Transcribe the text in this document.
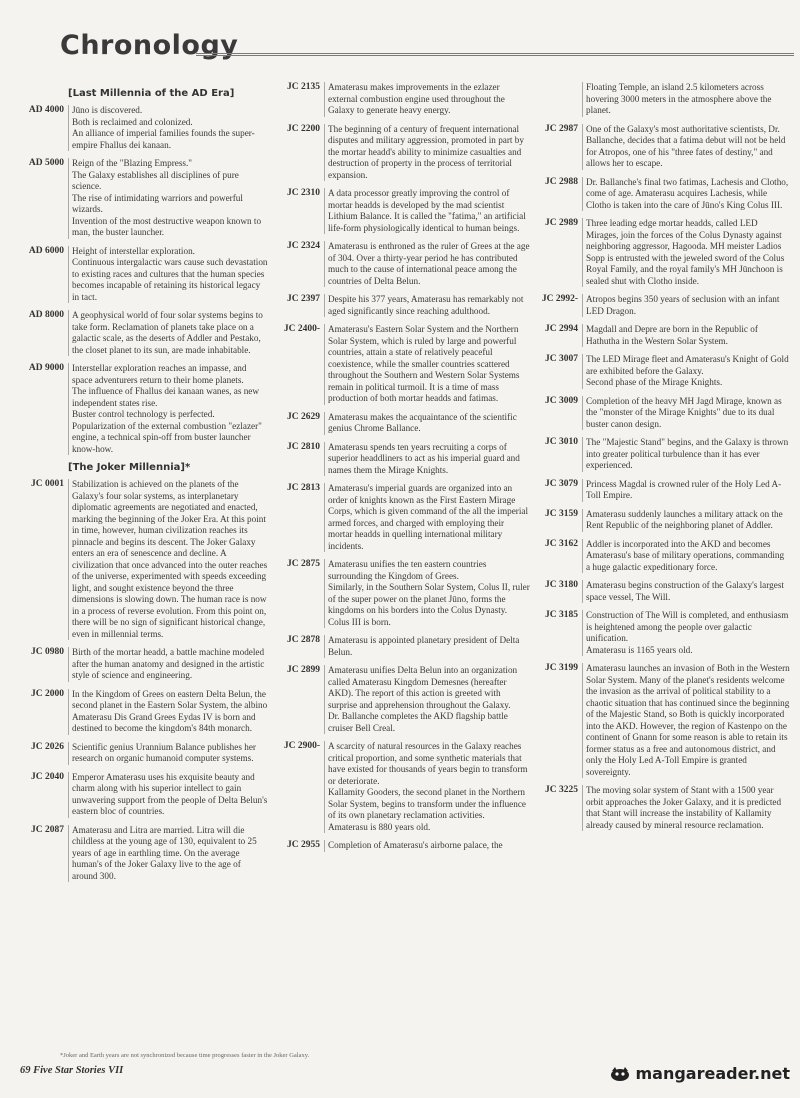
Chronology
[Last Millennia of the AD Era]
AD 4000 Jūno is discovered.

Both is reclaimed and colonized.

An alliance of imperial families founds the super-empire Fhallus dei kanaan.

AD 5000 Reign of the "Blazing Empress."

The Galaxy establishes all disciplines of pure science.

The rise of intimidating warriors and powerful wizards.

Invention of the most destructive weapon known to man, the buster launcher.

AD 6000 Height of interstellar exploration.

Continuous intergalactic wars cause such devastation to existing races and cultures that the human species becomes incapable of retaining its historical legacy in tact.

AD 8000 A geophysical world of four solar systems begins to take form. Reclamation of planets take place on a galactic scale, as the deserts of Addler and Pestako, the closet planet to its sun, are made inhabitable.

AD 9000 Interstellar exploration reaches an impasse, and space adventurers return to their home planets.

The influence of Fhallus dei kanaan wanes, as new independent states rise.

Buster control technology is perfected.

Popularization of the external combustion "ezlazer" engine, a technical spin-off from buster launcher know-how.

[The Joker Millennia]*
JC 0001 Stabilization is achieved on the planets of the Galaxy's four solar systems, as interplanetary diplomatic agreements are negotiated and enacted, marking the beginning of the Joker Era. At this point in time, however, human civilization reaches its pinnacle and begins its descent. The Joker Galaxy enters an era of senescence and decline. A civilization that once advanced into the outer reaches of the universe, experimented with speeds exceeding light, and sought existence beyond the three dimensions is slowing down. The human race is now in a process of reverse evolution. From this point on, there will be no sign of significant historical change, even in millennial terms.

JC 0980 Birth of the mortar headd, a battle machine modeled after the human anatomy and designed in the artistic style of science and engineering.

JC 2000 In the Kingdom of Grees on eastern Delta Belun, the second planet in the Eastern Solar System, the albino Amaterasu Dis Grand Grees Eydas IV is born and destined to become the kingdom's 84th monarch.

JC 2026 Scientific genius Urannium Balance publishes her research on organic humanoid computer systems.

JC 2040 Emperor Amaterasu uses his exquisite beauty and charm along with his superior intellect to gain unwavering support from the people of Delta Belun's eastern bloc of countries.

JC 2087 Amaterasu and Litra are married. Litra will die childless at the young age of 130, equivalent to 25 years of age in earthling time. On the average human's of the Joker Galaxy live to the age of around 300.

JC 2135 Amaterasu makes improvements in the ezlazer external combustion engine used throughout the Galaxy to generate heavy energy.

JC 2200 The beginning of a century of frequent international disputes and military aggression, promoted in part by the mortar headd's ability to minimize casualties and destruction of property in the process of territorial expansion.

JC 2310 A data processor greatly improving the control of mortar headds is developed by the mad scientist Lithium Balance. It is called the "fatima," an artificial life-form physiologically identical to human beings.

JC 2324 Amaterasu is enthroned as the ruler of Grees at the age of 304. Over a thirty-year period he has contributed much to the cause of international peace among the countries of Delta Belun.

JC 2397 Despite his 377 years, Amaterasu has remarkably not aged significantly since reaching adulthood.

JC 2400- Amaterasu's Eastern Solar System and the Northern Solar System, which is ruled by large and powerful countries, attain a state of relatively peaceful coexistence, while the smaller countries scattered throughout the Southern and Western Solar Systems remain in political turmoil. It is a time of mass production of both mortar headds and fatimas.

JC 2629 Amaterasu makes the acquaintance of the scientific genius Chrome Ballance.

JC 2810 Amaterasu spends ten years recruiting a corps of superior headdliners to act as his imperial guard and names them the Mirage Knights.

JC 2813 Amaterasu's imperial guards are organized into an order of knights known as the First Eastern Mirage Corps, which is given command of the all the imperial armed forces, and charged with employing their mortar headds in quelling international military incidents.

JC 2875 Amaterasu unifies the ten eastern countries surrounding the Kingdom of Grees.

Similarly, in the Southern Solar System, Colus II, ruler of the super power on the planet Jūno, forms the kingdoms on his borders into the Colus Dynasty.

Colus III is born.

JC 2878 Amaterasu is appointed planetary president of Delta Belun.

JC 2899 Amaterasu unifies Delta Belun into an organization called Amaterasu Kingdom Demesnes (hereafter AKD). The report of this action is greeted with surprise and apprehension throughout the Galaxy.

Dr. Ballanche completes the AKD flagship battle cruiser Bell Creal.

JC 2900- A scarcity of natural resources in the Galaxy reaches critical proportion, and some synthetic materials that have existed for thousands of years begin to transform or deteriorate.

Kallamity Gooders, the second planet in the Northern Solar System, begins to transform under the influence of its own planetary reclamation activities.

Amaterasu is 880 years old.

JC 2955 Completion of Amaterasu's airborne palace, the

Floating Temple, an island 2.5 kilometers across hovering 3000 meters in the atmosphere above the planet.

JC 2987 One of the Galaxy's most authoritative scientists, Dr. Ballanche, decides that a fatima debut will not be held for Atropos, one of his "three fates of destiny," and allows her to escape.

JC 2988 Dr. Ballanche's final two fatimas, Lachesis and Clotho, come of age. Amaterasu acquires Lachesis, while Clotho is taken into the care of Jūno's King Colus III.

JC 2989 Three leading edge mortar headds, called LED Mirages, join the forces of the Colus Dynasty against neighboring aggressor, Hagooda. MH meister Ladios Sopp is entrusted with the jeweled sword of the Colus Royal Family, and the royal family's MH Jūnchoon is sealed shut with Clotho inside.

JC 2992- Atropos begins 350 years of seclusion with an infant LED Dragon.

JC 2994 Magdall and Depre are born in the Republic of Hathutha in the Western Solar System.

JC 3007 The LED Mirage fleet and Amaterasu's Knight of Gold are exhibited before the Galaxy.

Second phase of the Mirage Knights.

JC 3009 Completion of the heavy MH Jagd Mirage, known as the "monster of the Mirage Knights" due to its dual buster canon design.

JC 3010 The "Majestic Stand" begins, and the Galaxy is thrown into greater political turbulence than it has ever experienced.

JC 3079 Princess Magdal is crowned ruler of the Holy Led A-Toll Empire.

JC 3159 Amaterasu suddenly launches a military attack on the Rent Republic of the neighboring planet of Addler.

JC 3162 Addler is incorporated into the AKD and becomes Amaterasu's base of military operations, commanding a huge galactic expeditionary force.

JC 3180 Amaterasu begins construction of the Galaxy's largest space vessel, The Will.

JC 3185 Construction of The Will is completed, and enthusiasm is heightened among the people over galactic unification.

Amaterasu is 1165 years old.

JC 3199 Amaterasu launches an invasion of Both in the Western Solar System. Many of the planet's residents welcome the invasion as the arrival of political stability to a chaotic situation that has continued since the beginning of the Majestic Stand, so Both is quickly incorporated into the AKD. However, the region of Kastenpo on the continent of Gnann for some reason is able to retain its former status as a free and autonomous district, and only the Holy Led A-Toll Empire is granted sovereignty.

JC 3225 The moving solar system of Stant with a 1500 year orbit approaches the Joker Galaxy, and it is predicted that Stant will increase the instability of Kallamity already caused by mineral resource reclamation.

*Joker and Earth years are not synchronized because time progresses faster in the Joker Galaxy.
69 Five Star Stories VII	mangareader.net
